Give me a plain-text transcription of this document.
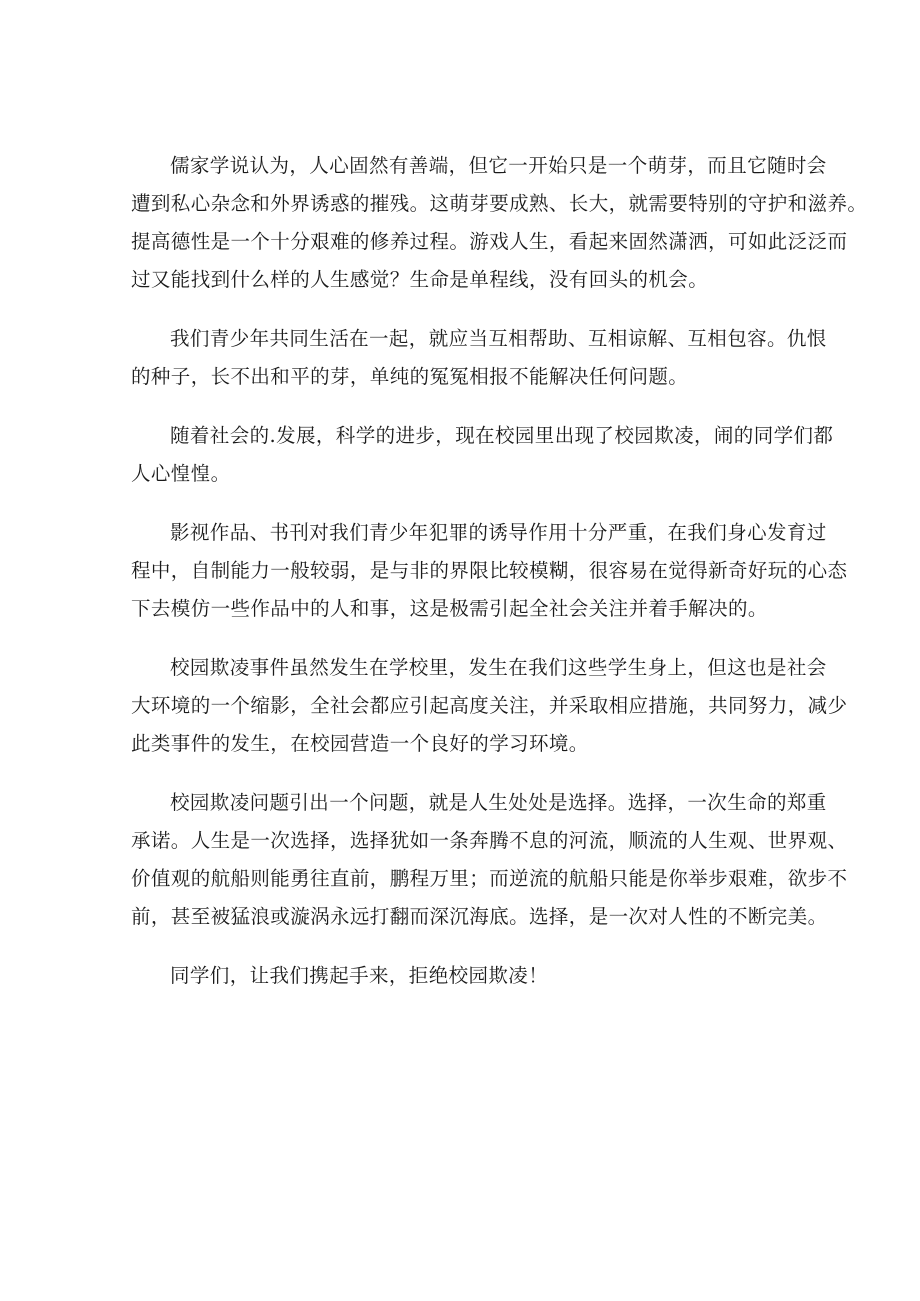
儒家学说认为，人心固然有善端，但它一开始只是一个萌芽，而且它随时会
遭到私心杂念和外界诱惑的摧残。这萌芽要成熟、长大，就需要特别的守护和滋养。
提高德性是一个十分艰难的修养过程。游戏人生，看起来固然潇洒，可如此泛泛而
过又能找到什么样的人生感觉？生命是单程线，没有回头的机会。
我们青少年共同生活在一起，就应当互相帮助、互相谅解、互相包容。仇恨
的种子，长不出和平的芽，单纯的冤冤相报不能解决任何问题。
随着社会的.发展，科学的进步，现在校园里出现了校园欺凌，闹的同学们都
人心惶惶。
影视作品、书刊对我们青少年犯罪的诱导作用十分严重，在我们身心发育过
程中，自制能力一般较弱，是与非的界限比较模糊，很容易在觉得新奇好玩的心态
下去模仿一些作品中的人和事，这是极需引起全社会关注并着手解决的。
校园欺凌事件虽然发生在学校里，发生在我们这些学生身上，但这也是社会
大环境的一个缩影，全社会都应引起高度关注，并采取相应措施，共同努力，减少
此类事件的发生，在校园营造一个良好的学习环境。
校园欺凌问题引出一个问题，就是人生处处是选择。选择，一次生命的郑重
承诺。人生是一次选择，选择犹如一条奔腾不息的河流，顺流的人生观、世界观、
价值观的航船则能勇往直前，鹏程万里；而逆流的航船只能是你举步艰难，欲步不
前，甚至被猛浪或漩涡永远打翻而深沉海底。选择，是一次对人性的不断完美。
同学们，让我们携起手来，拒绝校园欺凌！
